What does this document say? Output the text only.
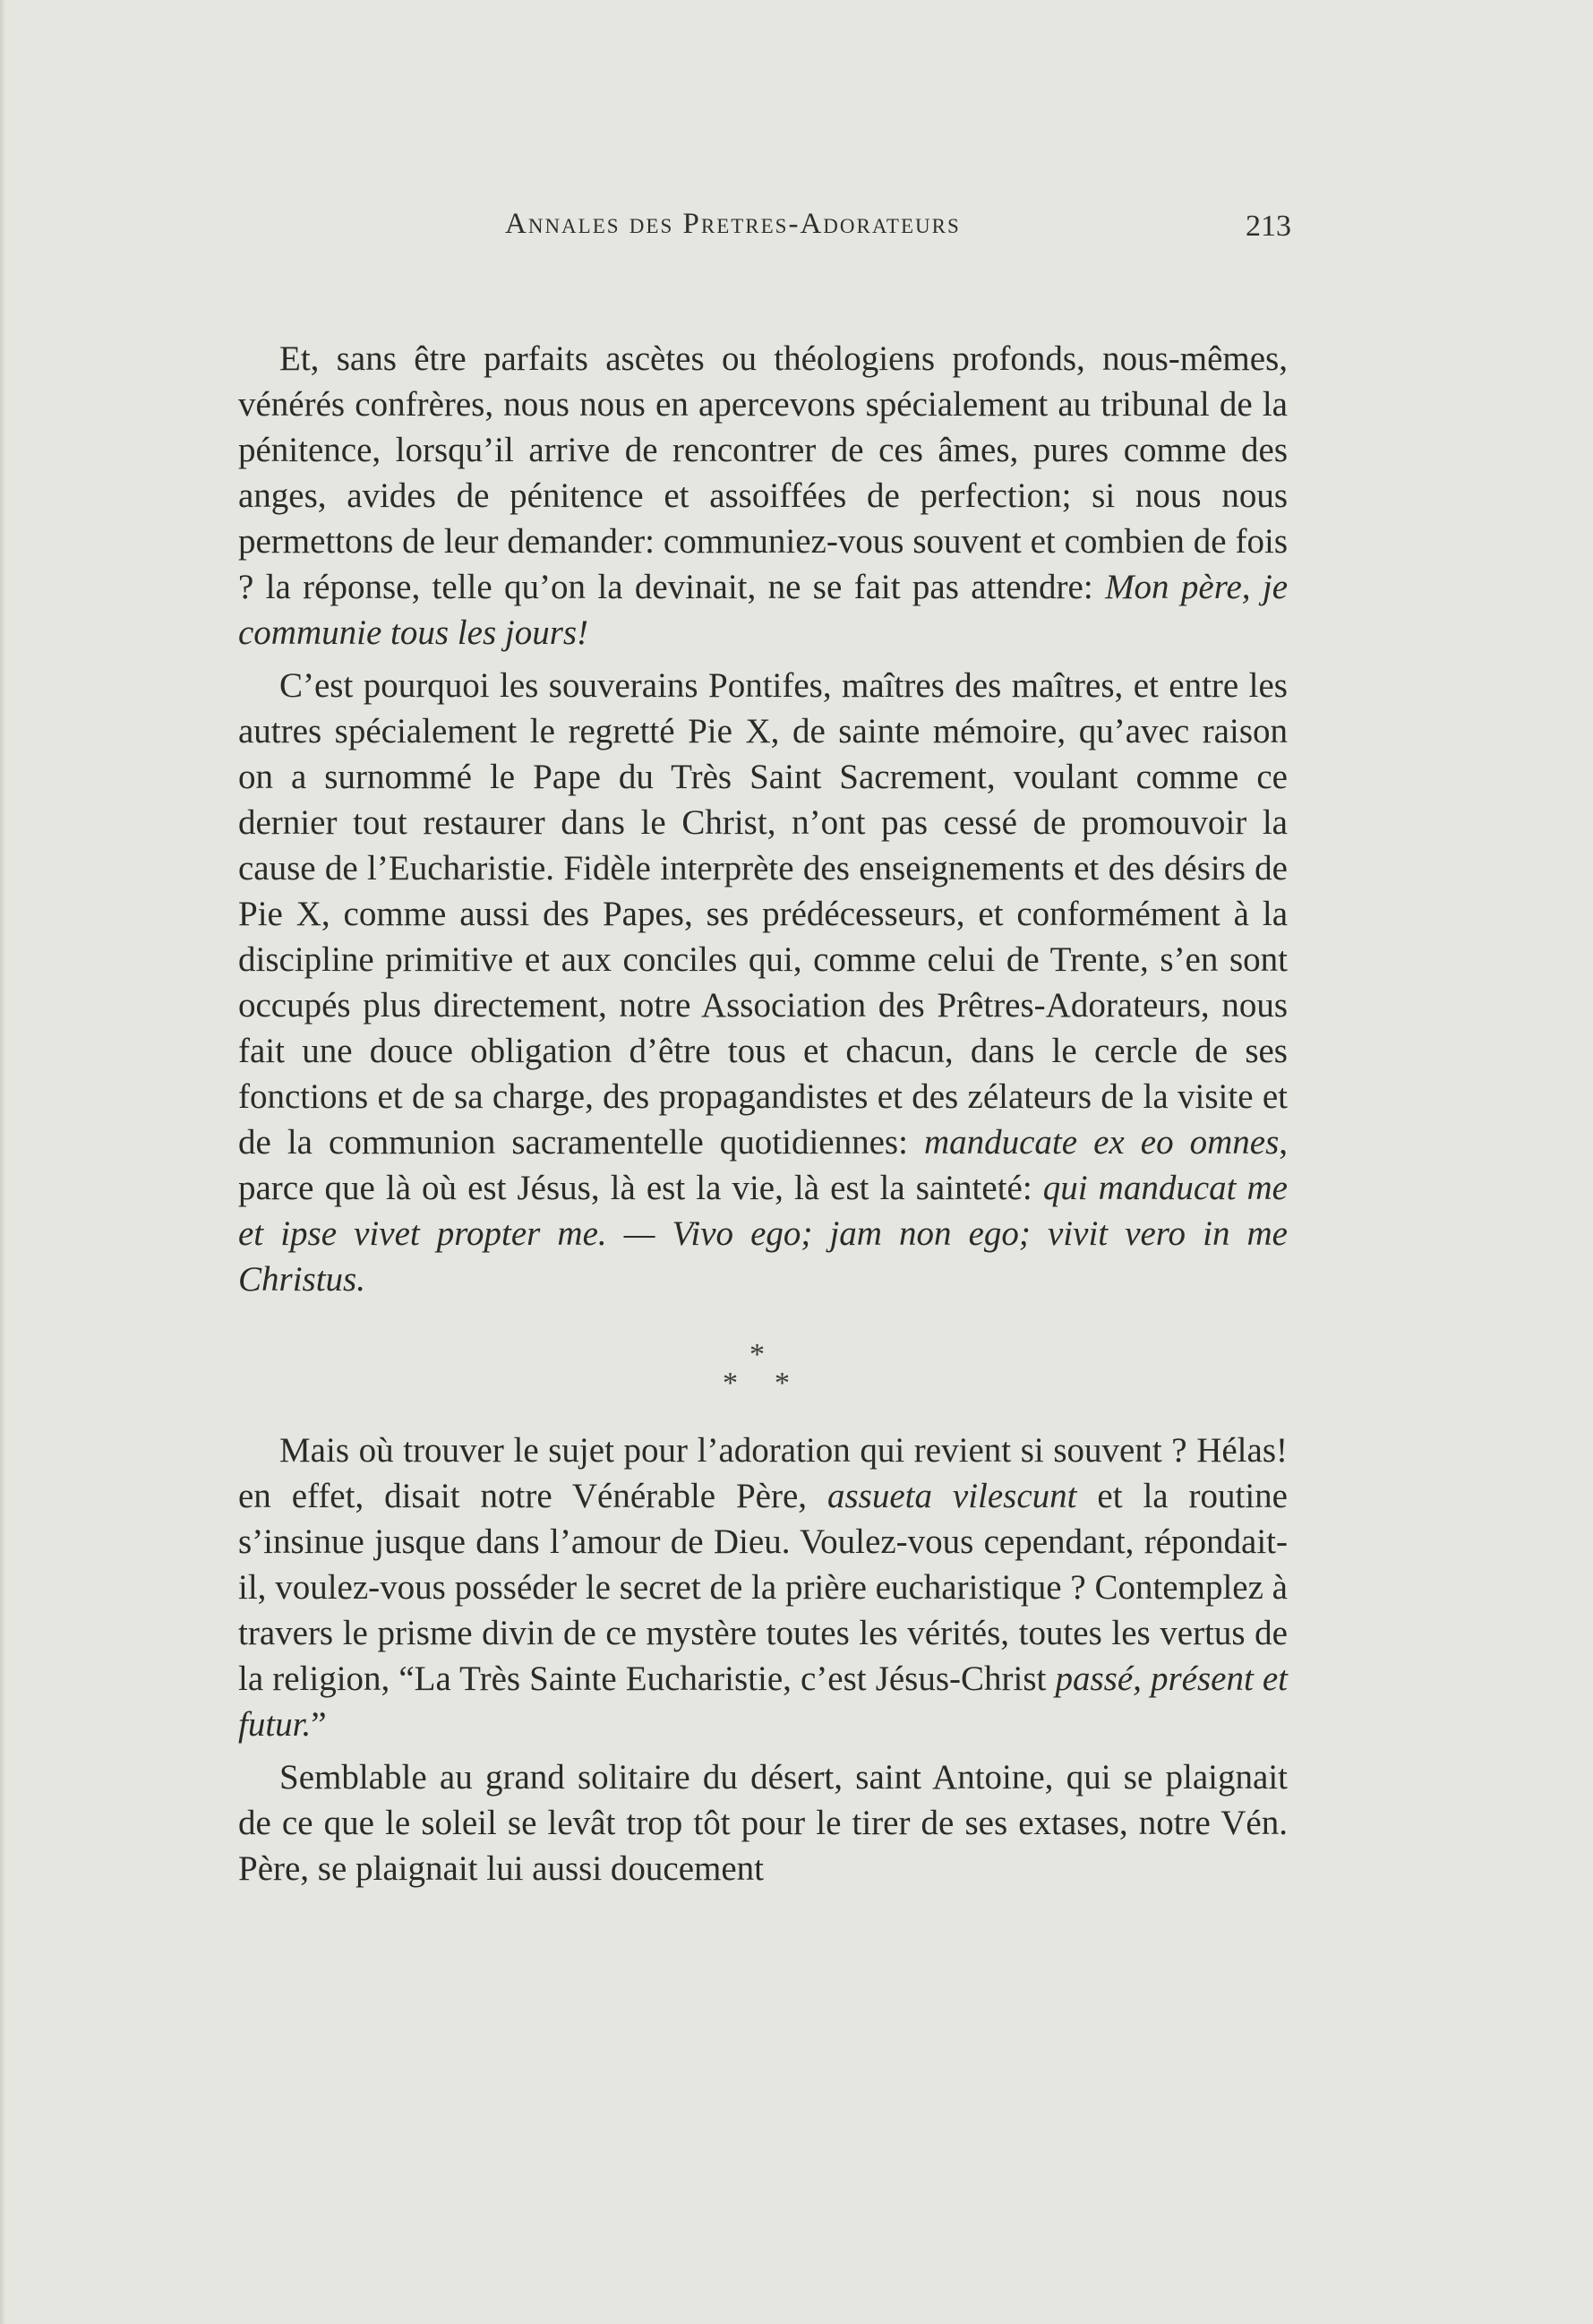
Annales des Pretres-Adorateurs	213

Et, sans être parfaits ascètes ou théologiens profonds, nous-mêmes, vénérés confrères, nous nous en apercevons spécialement au tribunal de la pénitence, lorsqu’il arrive de rencontrer de ces âmes, pures comme des anges, avides de pénitence et assoiffées de perfection; si nous nous permettons de leur demander: communiez-vous souvent et combien de fois ? la réponse, telle qu’on la devinait, ne se fait pas attendre: Mon père, je communie tous les jours!

C’est pourquoi les souverains Pontifes, maîtres des maîtres, et entre les autres spécialement le regretté Pie X, de sainte mémoire, qu’avec raison on a surnommé le Pape du Très Saint Sacrement, voulant comme ce dernier tout restaurer dans le Christ, n’ont pas cessé de promouvoir la cause de l’Eucharistie. Fidèle interprète des enseignements et des désirs de Pie X, comme aussi des Papes, ses prédécesseurs, et conformément à la discipline primitive et aux conciles qui, comme celui de Trente, s’en sont occupés plus directement, notre Association des Prêtres-Adorateurs, nous fait une douce obligation d’être tous et chacun, dans le cercle de ses fonctions et de sa charge, des propagandistes et des zélateurs de la visite et de la communion sacramentelle quotidiennes: manducate ex eo omnes, parce que là où est Jésus, là est la vie, là est la sainteté: qui manducat me et ipse vivet propter me. — Vivo ego; jam non ego; vivit vero in me Christus.

*
* *

Mais où trouver le sujet pour l’adoration qui revient si souvent ? Hélas! en effet, disait notre Vénérable Père, assueta vilescunt et la routine s’insinue jusque dans l’amour de Dieu. Voulez-vous cependant, répondait-il, voulez-vous posséder le secret de la prière eucharistique ? Contemplez à travers le prisme divin de ce mystère toutes les vérités, toutes les vertus de la religion, “La Très Sainte Eucharistie, c’est Jésus-Christ passé, présent et futur.”

Semblable au grand solitaire du désert, saint Antoine, qui se plaignait de ce que le soleil se levât trop tôt pour le tirer de ses extases, notre Vén. Père, se plaignait lui aussi doucement
